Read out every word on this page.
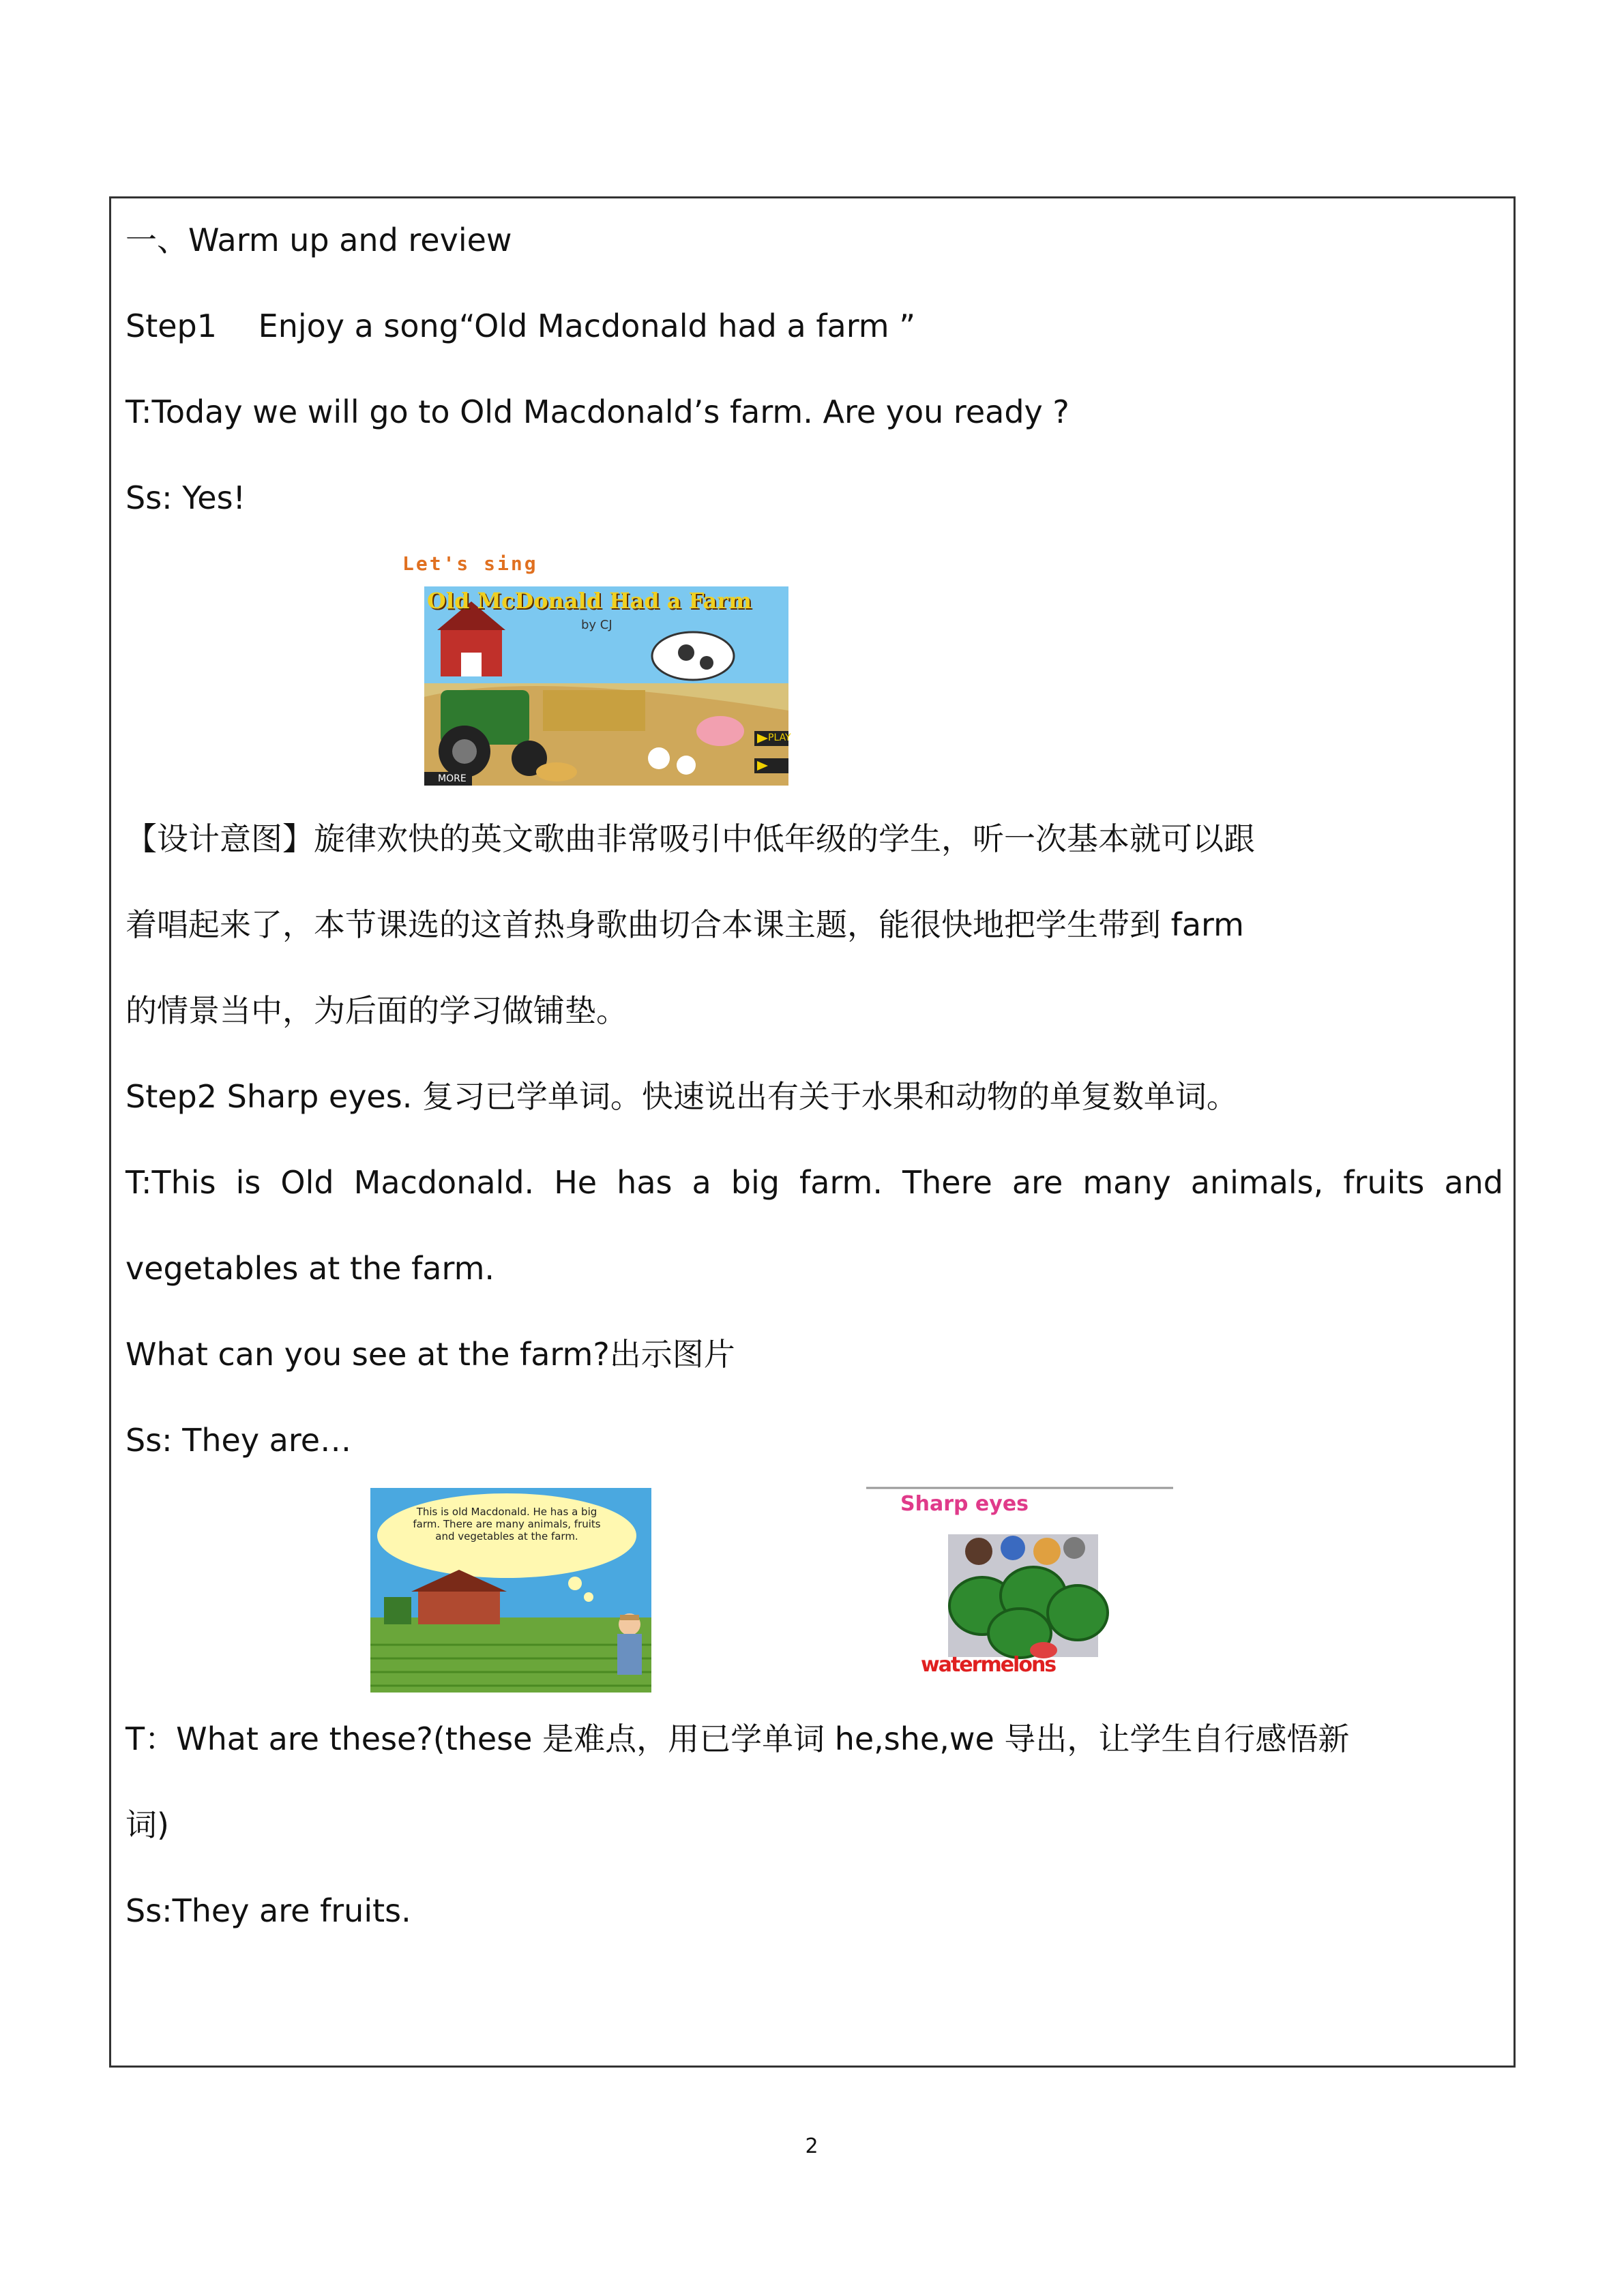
一、Warm up and review
Step1　 Enjoy a song“Old Macdonald had a farm ”
T:Today we will go to Old Macdonald’s farm. Are you ready ?
Ss: Yes!
Let's sing
Old McDonald Had a Farm
by CJ
PLAY
MORE
【设计意图】旋律欢快的英文歌曲非常吸引中低年级的学生，听一次基本就可以跟
着唱起来了，本节课选的这首热身歌曲切合本课主题，能很快地把学生带到 farm
的情景当中，为后面的学习做铺垫。
Step2 Sharp eyes. 复习已学单词。快速说出有关于水果和动物的单复数单词。
T:This is Old Macdonald. He has a big farm. There are many animals, fruits and
vegetables at the farm.
What can you see at the farm?出示图片
Ss: They are…
This is old Macdonald. He has a big farm. There are many animals, fruits and vegetables at the farm.
Sharp eyes
watermelons
T：What are these?(these 是难点，用已学单词 he,she,we 导出，让学生自行感悟新
词)
Ss:They are fruits.
2
